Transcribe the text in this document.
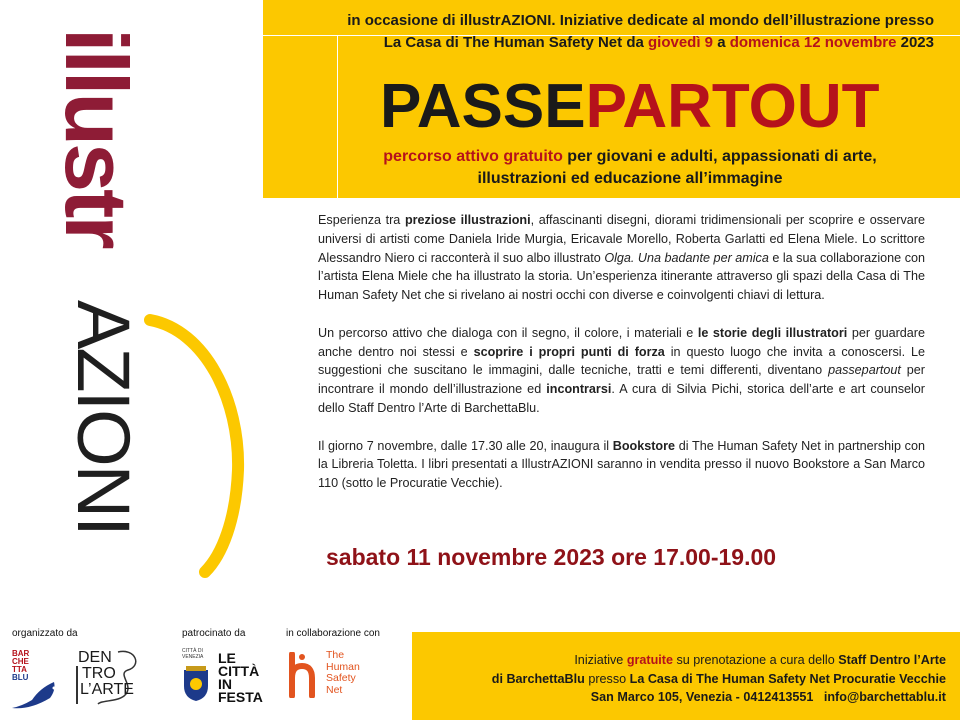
in occasione di illustrAZIONI. Iniziative dedicate al mondo dell’illustrazione presso
La Casa di The Human Safety Net da giovedì 9 a domenica 12 novembre 2023
PASSEPARTOUT
percorso attivo gratuito per giovani e adulti, appassionati di arte,
illustrazioni ed educazione all’immagine
illustr
AZIONI

Esperienza tra preziose illustrazioni, affascinanti disegni, diorami tridimensionali per scoprire e osservare universi di artisti come Daniela Iride Murgia, Ericavale Morello, Roberta Garlatti ed Elena Miele. Lo scrittore Alessandro Niero ci racconterà il suo albo illustrato Olga. Una badante per amica e la sua collaborazione con l’artista Elena Miele che ha illustrato la storia. Un’esperienza itinerante attraverso gli spazi della Casa di The Human Safety Net che si rivelano ai nostri occhi con diverse e coinvolgenti chiavi di lettura.

Un percorso attivo che dialoga con il segno, il colore, i materiali e le storie degli illustratori per guardare anche dentro noi stessi e scoprire i propri punti di forza in questo luogo che invita a conoscersi. Le suggestioni che suscitano le immagini, dalle tecniche, tratti e temi differenti, diventano passepartout per incontrare il mondo dell’illustrazione ed incontrarsi. A cura di Silvia Pichi, storica dell’arte e art counselor dello Staff Dentro l’Arte di BarchettaBlu.

Il giorno 7 novembre, dalle 17.30 alle 20, inaugura il Bookstore di The Human Safety Net in partnership con la Libreria Toletta. I libri presentati a IllustrAZIONI saranno in vendita presso il nuovo Bookstore a San Marco 110 (sotto le Procuratie Vecchie).

sabato 11 novembre 2023 ore 17.00-19.00
organizzato da	patrocinato da	in collaborazione con
BAR
CHE
TTA
BLU
DEN
TRO
L’ARTE
CITTÀ DI VENEZIA	LE
CITTÀ
IN
FESTA
The
Human
Safety
Net
Iniziative gratuite su prenotazione a cura dello Staff Dentro l’Arte
di BarchettaBlu presso La Casa di The Human Safety Net Procuratie Vecchie
San Marco 105, Venezia - 0412413551   info@barchettablu.it
